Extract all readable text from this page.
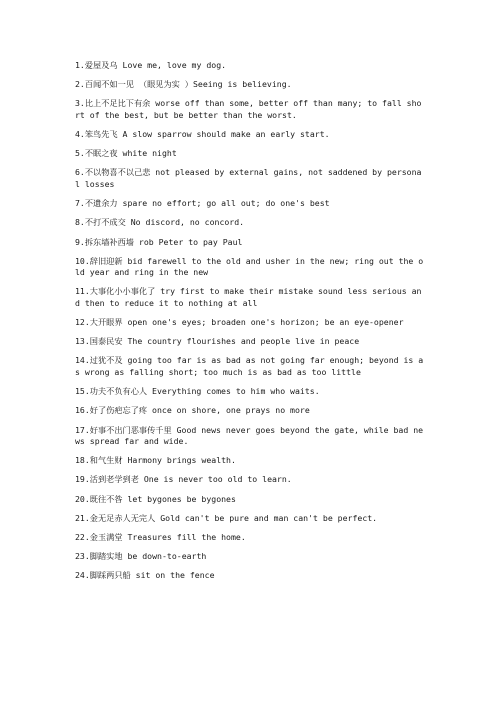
1.爱屋及乌 Love me, love my dog.
2.百闻不如一见 （眼见为实 ）Seeing is believing.
3.比上不足比下有余 worse off than some, better off than many; to fall short of the best, but be better than the worst.
4.笨鸟先飞 A slow sparrow should make an early start.
5.不眠之夜 white night
6.不以物喜不以己悲 not pleased by external gains, not saddened by personal losses
7.不遗余力 spare no effort; go all out; do one's best
8.不打不成交 No discord, no concord.
9.拆东墙补西墙 rob Peter to pay Paul
10.辞旧迎新 bid farewell to the old and usher in the new; ring out the old year and ring in the new
11.大事化小小事化了 try first to make their mistake sound less serious and then to reduce it to nothing at all
12.大开眼界 open one's eyes; broaden one's horizon; be an eye-opener
13.国泰民安 The country flourishes and people live in peace
14.过犹不及 going too far is as bad as not going far enough; beyond is as wrong as falling short; too much is as bad as too little
15.功夫不负有心人 Everything comes to him who waits.
16.好了伤疤忘了疼 once on shore, one prays no more
17.好事不出门恶事传千里 Good news never goes beyond the gate, while bad news spread far and wide.
18.和气生财 Harmony brings wealth.
19.活到老学到老 One is never too old to learn.
20.既往不咎 let bygones be bygones
21.金无足赤人无完人 Gold can't be pure and man can't be perfect.
22.金玉满堂 Treasures fill the home.
23.脚踏实地 be down-to-earth
24.脚踩两只船 sit on the fence
